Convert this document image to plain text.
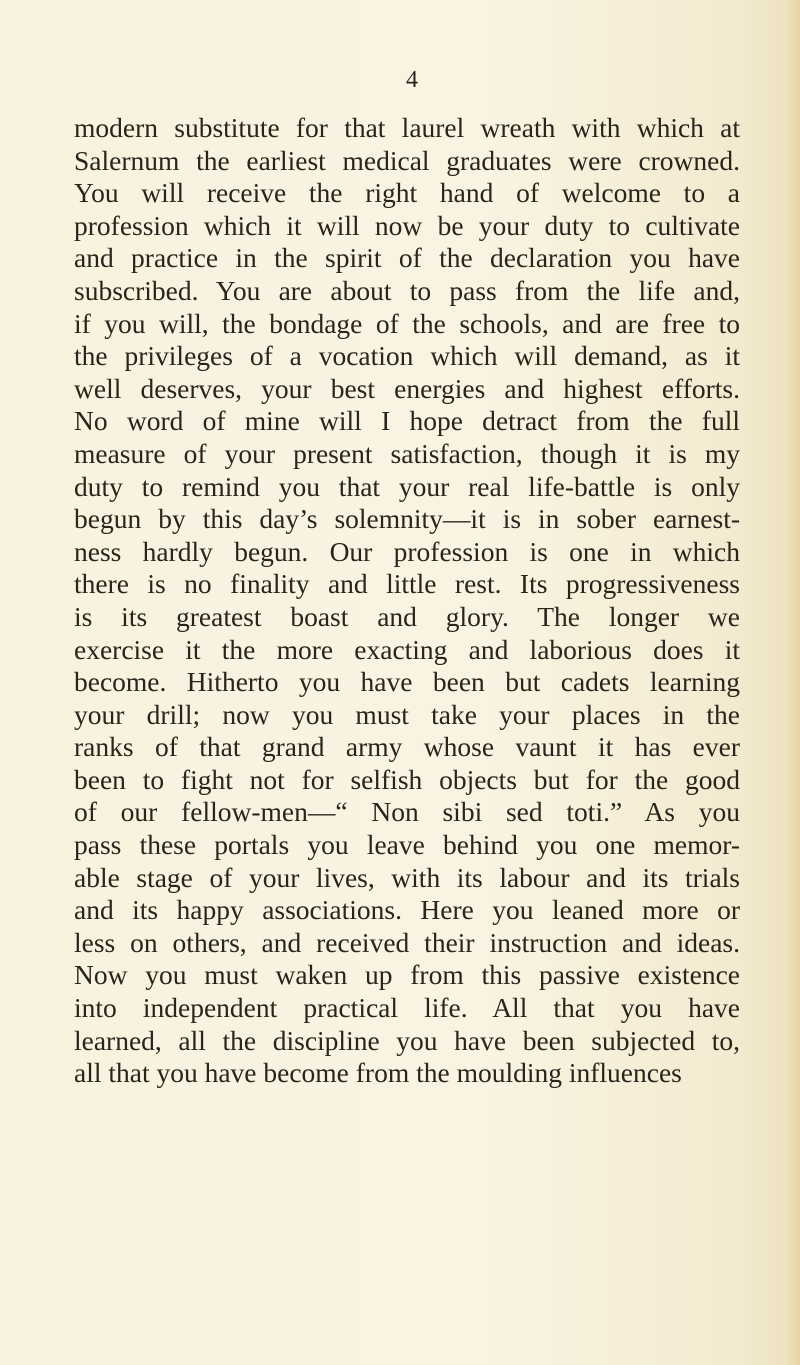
4
modern substitute for that laurel wreath with which at
Salernum the earliest medical graduates were crowned.
You will receive the right hand of welcome to a
profession which it will now be your duty to cultivate
and practice in the spirit of the declaration you have
subscribed. You are about to pass from the life and,
if you will, the bondage of the schools, and are free to
the privileges of a vocation which will demand, as it
well deserves, your best energies and highest efforts.
No word of mine will I hope detract from the full
measure of your present satisfaction, though it is my
duty to remind you that your real life-battle is only
begun by this day’s solemnity—it is in sober earnest-
ness hardly begun. Our profession is one in which
there is no finality and little rest. Its progressiveness
is its greatest boast and glory. The longer we
exercise it the more exacting and laborious does it
become. Hitherto you have been but cadets learning
your drill; now you must take your places in the
ranks of that grand army whose vaunt it has ever
been to fight not for selfish objects but for the good
of our fellow-men—“ Non sibi sed toti.” As you
pass these portals you leave behind you one memor-
able stage of your lives, with its labour and its trials
and its happy associations. Here you leaned more or
less on others, and received their instruction and ideas.
Now you must waken up from this passive existence
into independent practical life. All that you have
learned, all the discipline you have been subjected to,
all that you have become from the moulding influences
